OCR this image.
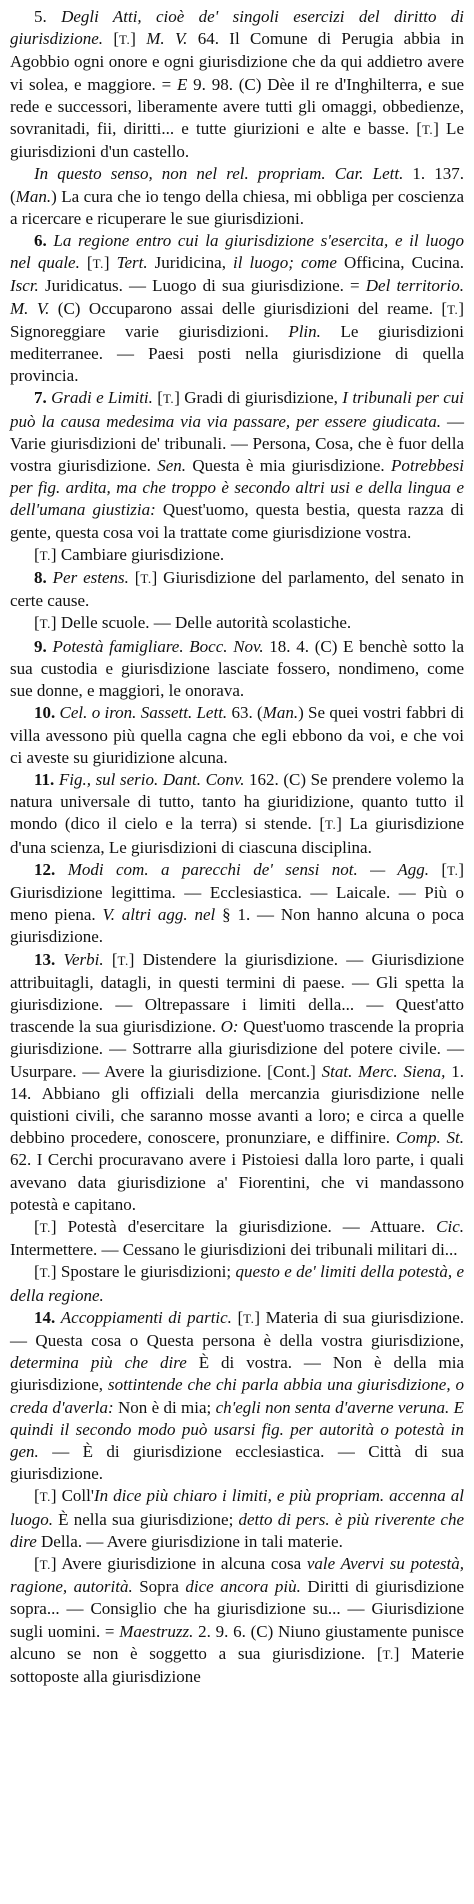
5. Degli Atti, cioè de' singoli esercizi del diritto di giurisdizione. [T.] M. V. 64. Il Comune di Perugia abbia in Agobbio ogni onore e ogni giurisdizione che da qui addietro avere vi solea, e maggiore. = E 9. 98. (C) Dèe il re d'Inghilterra, e sue rede e successori, liberamente avere tutti gli omaggi, obbedienze, sovranitadi, fii, diritti... e tutte giurizioni e alte e basse. [T.] Le giurisdizioni d'un castello.

In questo senso, non nel rel. propriam. Car. Lett. 1. 137. (Man.) La cura che io tengo della chiesa, mi obbliga per coscienza a ricercare e ricuperare le sue giurisdizioni.

6. La regione entro cui la giurisdizione s'esercita, e il luogo nel quale. [T.] Tert. Juridicina, il luogo; come Officina, Cucina. Iscr. Juridicatus. — Luogo di sua giurisdizione. = Del territorio. M. V. (C) Occuparono assai delle giurisdizioni del reame. [T.] Signoreggiare varie giurisdizioni. Plin. Le giurisdizioni mediterranee. — Paesi posti nella giurisdizione di quella provincia.

7. Gradi e Limiti. [T.] Gradi di giurisdizione, I tribunali per cui può la causa medesima via via passare, per essere giudicata. — Varie giurisdizioni de' tribunali. — Persona, Cosa, che è fuor della vostra giurisdizione. Sen. Questa è mia giurisdizione. Potrebbesi per fig. ardita, ma che troppo è secondo altri usi e della lingua e dell'umana giustizia: Quest'uomo, questa bestia, questa razza di gente, questa cosa voi la trattate come giurisdizione vostra.

[T.] Cambiare giurisdizione.

8. Per estens. [T.] Giurisdizione del parlamento, del senato in certe cause.

[T.] Delle scuole. — Delle autorità scolastiche.

9. Potestà famigliare. Bocc. Nov. 18. 4. (C) E benchè sotto la sua custodia e giurisdizione lasciate fossero, nondimeno, come sue donne, e maggiori, le onorava.

10. Cel. o iron. Sassett. Lett. 63. (Man.) Se quei vostri fabbri di villa avessono più quella cagna che egli ebbono da voi, e che voi ci aveste su giuridizione alcuna.

11. Fig., sul serio. Dant. Conv. 162. (C) Se prendere volemo la natura universale di tutto, tanto ha giuridizione, quanto tutto il mondo (dico il cielo e la terra) si stende. [T.] La giurisdizione d'una scienza, Le giurisdizioni di ciascuna disciplina.

12. Modi com. a parecchi de' sensi not. — Agg. [T.] Giurisdizione legittima. — Ecclesiastica. — Laicale. — Più o meno piena. V. altri agg. nel § 1. — Non hanno alcuna o poca giurisdizione.

13. Verbi. [T.] Distendere la giurisdizione. — Giurisdizione attribuitagli, datagli, in questi termini di paese. — Gli spetta la giurisdizione. — Oltrepassare i limiti della... — Quest'atto trascende la sua giurisdizione. O: Quest'uomo trascende la propria giurisdizione. — Sottrarre alla giurisdizione del potere civile. — Usurpare. — Avere la giurisdizione. [Cont.] Stat. Merc. Siena, 1. 14. Abbiano gli offiziali della mercanzia giurisdizione nelle quistioni civili, che saranno mosse avanti a loro; e circa a quelle debbino procedere, conoscere, pronunziare, e diffinire. Comp. St. 62. I Cerchi procuravano avere i Pistoiesi dalla loro parte, i quali avevano data giurisdizione a' Fiorentini, che vi mandassono potestà e capitano.

[T.] Potestà d'esercitare la giurisdizione. — Attuare. Cic. Intermettere. — Cessano le giurisdizioni dei tribunali militari di...

[T.] Spostare le giurisdizioni; questo e de' limiti della potestà, e della regione.

14. Accoppiamenti di partic. [T.] Materia di sua giurisdizione. — Questa cosa o Questa persona è della vostra giurisdizione, determina più che dire È di vostra. — Non è della mia giurisdizione, sottintende che chi parla abbia una giurisdizione, o creda d'averla: Non è di mia; ch'egli non senta d'averne veruna. E quindi il secondo modo può usarsi fig. per autorità o potestà in gen. — È di giurisdizione ecclesiastica. — Città di sua giurisdizione.

[T.] Coll'In dice più chiaro i limiti, e più propriam. accenna al luogo. È nella sua giurisdizione; detto di pers. è più riverente che dire Della. — Avere giurisdizione in tali materie.

[T.] Avere giurisdizione in alcuna cosa vale Avervi su potestà, ragione, autorità. Sopra dice ancora più. Diritti di giurisdizione sopra... — Consiglio che ha giurisdizione su... — Giurisdizione sugli uomini. = Maestruzz. 2. 9. 6. (C) Niuno giustamente punisce alcuno se non è soggetto a sua giurisdizione. [T.] Materie sottoposte alla giurisdizione
